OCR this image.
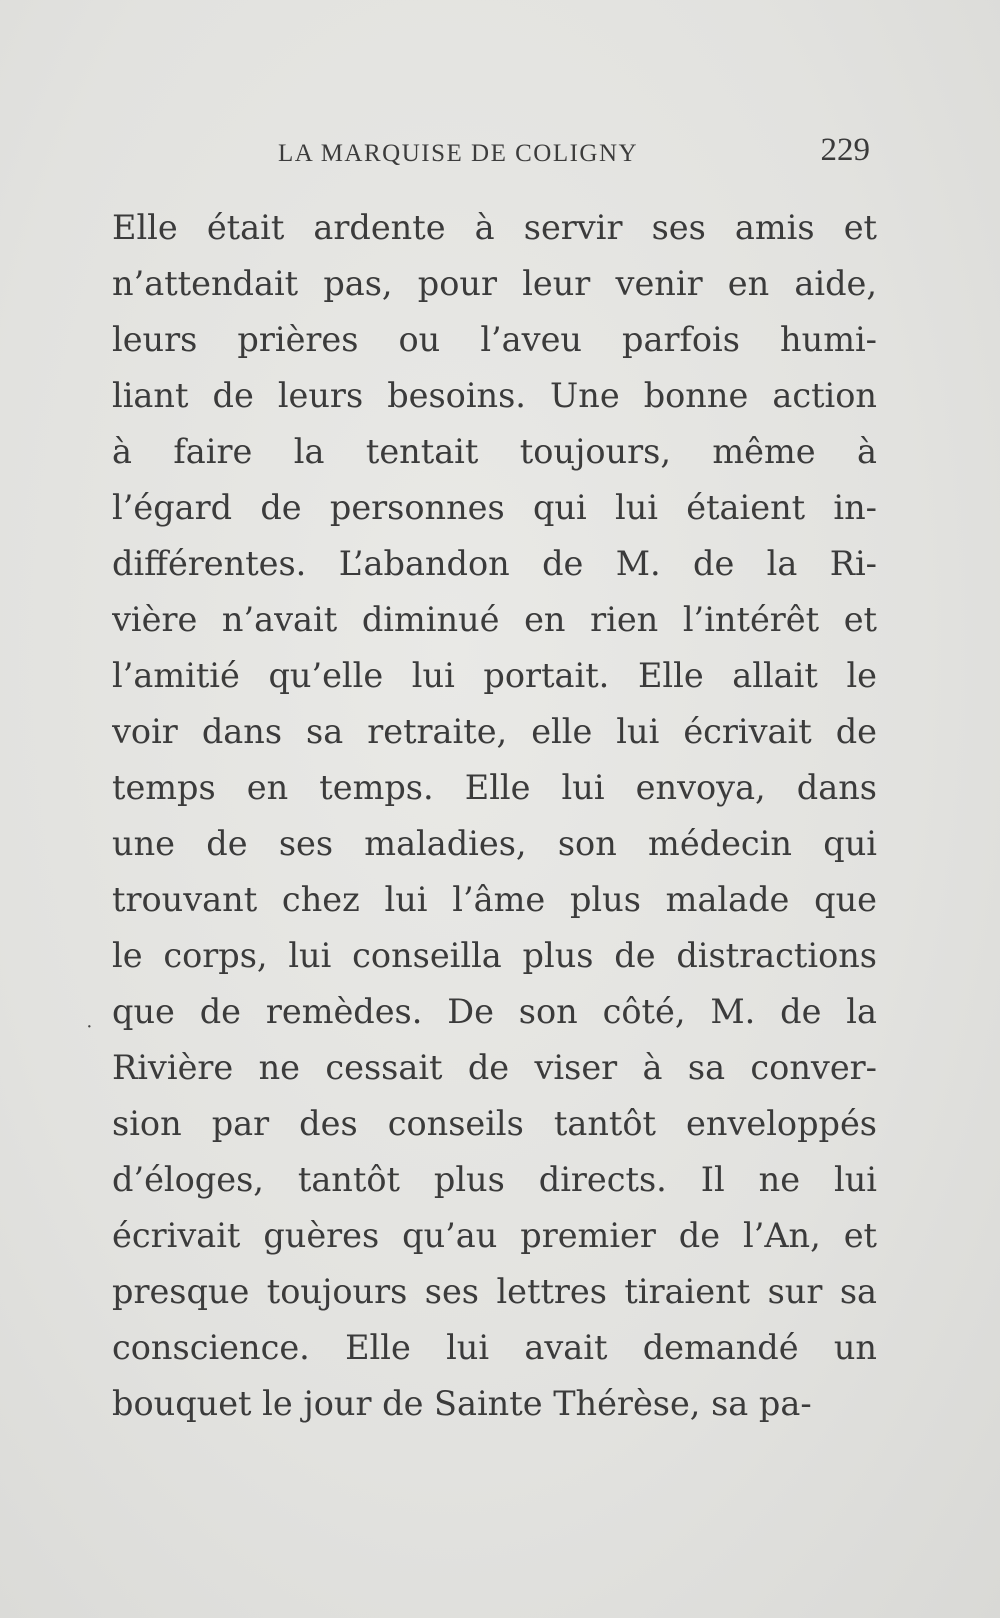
LA MARQUISE DE COLIGNY	229
Elle était ardente à servir ses amis et
n’attendait pas, pour leur venir en aide,
leurs prières ou l’aveu parfois humi-
liant de leurs besoins. Une bonne action
à faire la tentait toujours, même à
l’égard de personnes qui lui étaient in-
différentes. L’abandon de M. de la Ri-
vière n’avait diminué en rien l’intérêt et
l’amitié qu’elle lui portait. Elle allait le
voir dans sa retraite, elle lui écrivait de
temps en temps. Elle lui envoya, dans
une de ses maladies, son médecin qui
trouvant chez lui l’âme plus malade que
le corps, lui conseilla plus de distractions
que de remèdes. De son côté, M. de la
Rivière ne cessait de viser à sa conver-
sion par des conseils tantôt enveloppés
d’éloges, tantôt plus directs. Il ne lui
écrivait guères qu’au premier de l’An, et
presque toujours ses lettres tiraient sur sa
conscience. Elle lui avait demandé un
bouquet le jour de Sainte Thérèse, sa pa-
·
